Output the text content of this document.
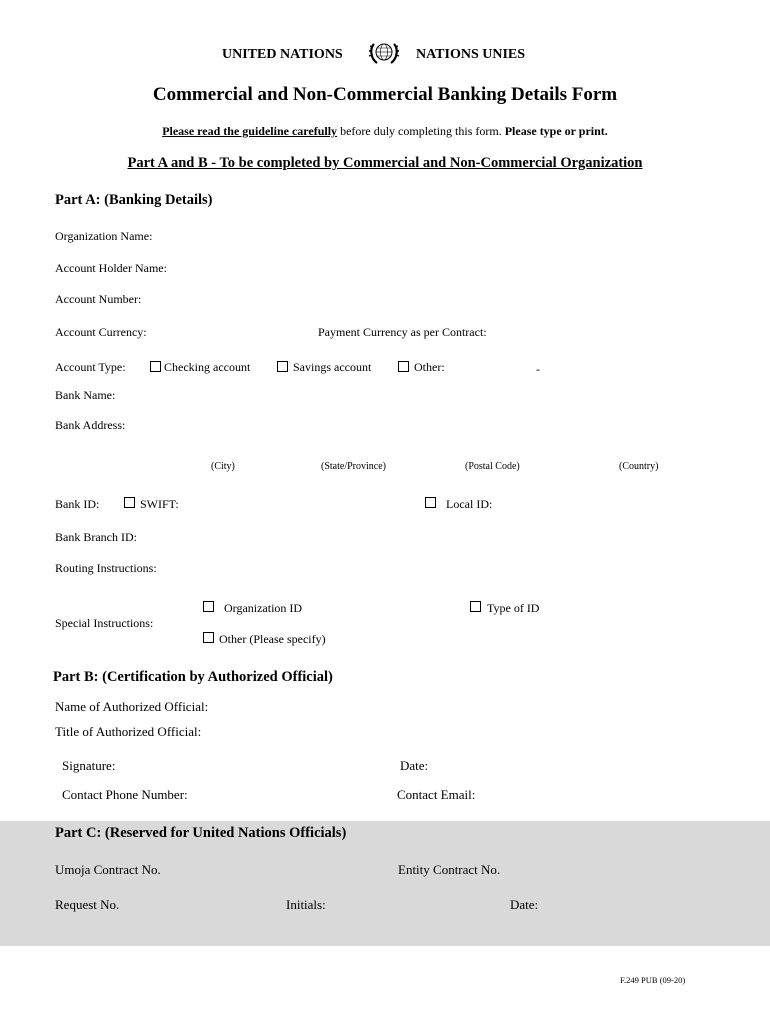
UNITED NATIONS	NATIONS UNIES
Commercial and Non-Commercial Banking Details Form
Please read the guideline carefully before duly completing this form. Please type or print.
Part A and B - To be completed by Commercial and Non-Commercial Organization
Part A: (Banking Details)
Organization Name:
Account Holder Name:
Account Number:
Account Currency:	Payment Currency as per Contract:
Account Type:	Checking account	Savings account	Other:	-
Bank Name:
Bank Address:
(City)	(State/Province)	(Postal Code)	(Country)
Bank ID:	SWIFT:	Local ID:
Bank Branch ID:
Routing Instructions:
Organization ID	Type of ID
Special Instructions:
Other (Please specify)
Part B: (Certification by Authorized Official)
Name of Authorized Official:
Title of Authorized Official:
Signature:	Date:
Contact Phone Number:	Contact Email:
Part C: (Reserved for United Nations Officials)
Umoja Contract No.	Entity Contract No.
Request No.	Initials:	Date:
F.249 PUB (09-20)
